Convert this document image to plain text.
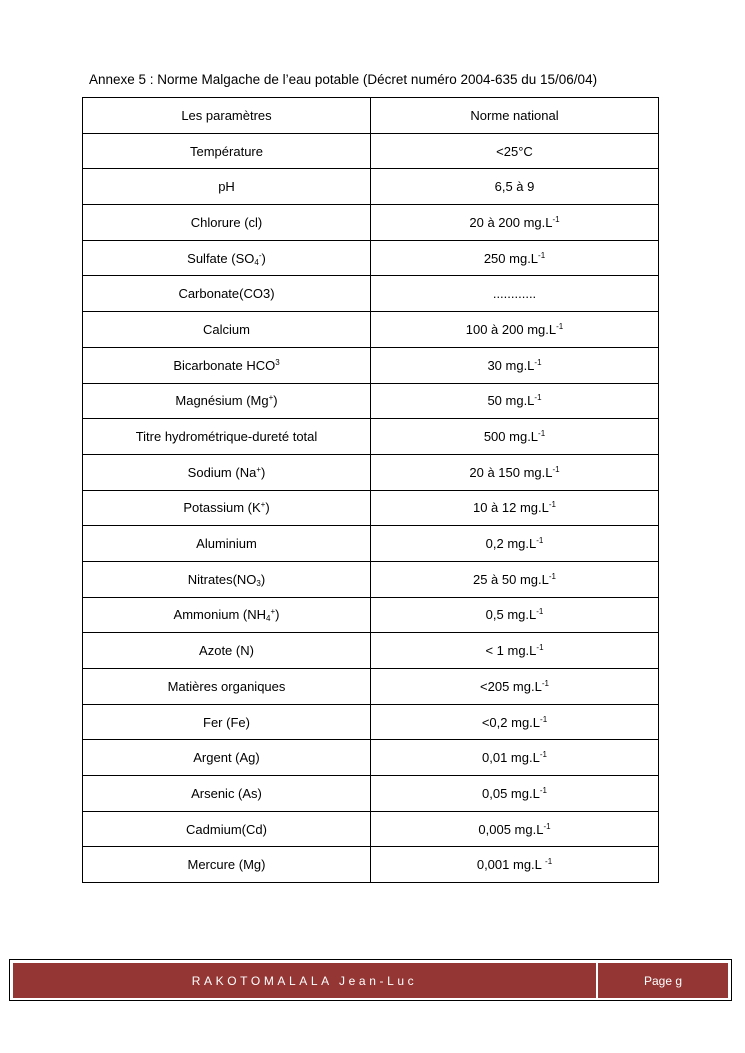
Annexe 5 : Norme Malgache de l’eau potable (Décret numéro 2004-635 du 15/06/04)
Les paramètres	Norme national
Température	<25°C
pH	6,5 à 9
Chlorure (cl)	20 à 200 $mg.L^{-1}$
Sulfate $(SO_4^-)$	250 $mg.L^{-1}$
Carbonate(CO3)	............
Calcium	100 à 200 $mg.L^{-1}$
Bicarbonate HCO$^3$	30 $mg.L^{-1}$
Magnésium (Mg+)	50 $mg.L^{-1}$
Titre hydrométrique-dureté total	500 $mg.L^{-1}$
Sodium (Na+)	20 à 150 $mg.L^{-1}$
Potassium (K+)	10 à 12 $mg.L^{-1}$
Aluminium	0,2 $mg.L^{-1}$
$Nitrates(NO_3)$	25 à 50 $mg.L^{-1}$
Ammonium $(NH_4^+)$	0,5 $mg.L^{-1}$
Azote (N)	< 1 $mg.L^{-1}$
Matières organiques	<205 $mg.L^{-1}$
Fer (Fe)	<0,2 $mg.L^{-1}$
Argent (Ag)	0,01 $mg.L^{-1}$
Arsenic (As)	0,05 $mg.L^{-1}$
Cadmium(Cd)	0,005 $mg.L^{-1}$
Mercure (Mg)	0,001 mg.L $^{-1}$
RAKOTOMALALA Jean-Luc	Page g
